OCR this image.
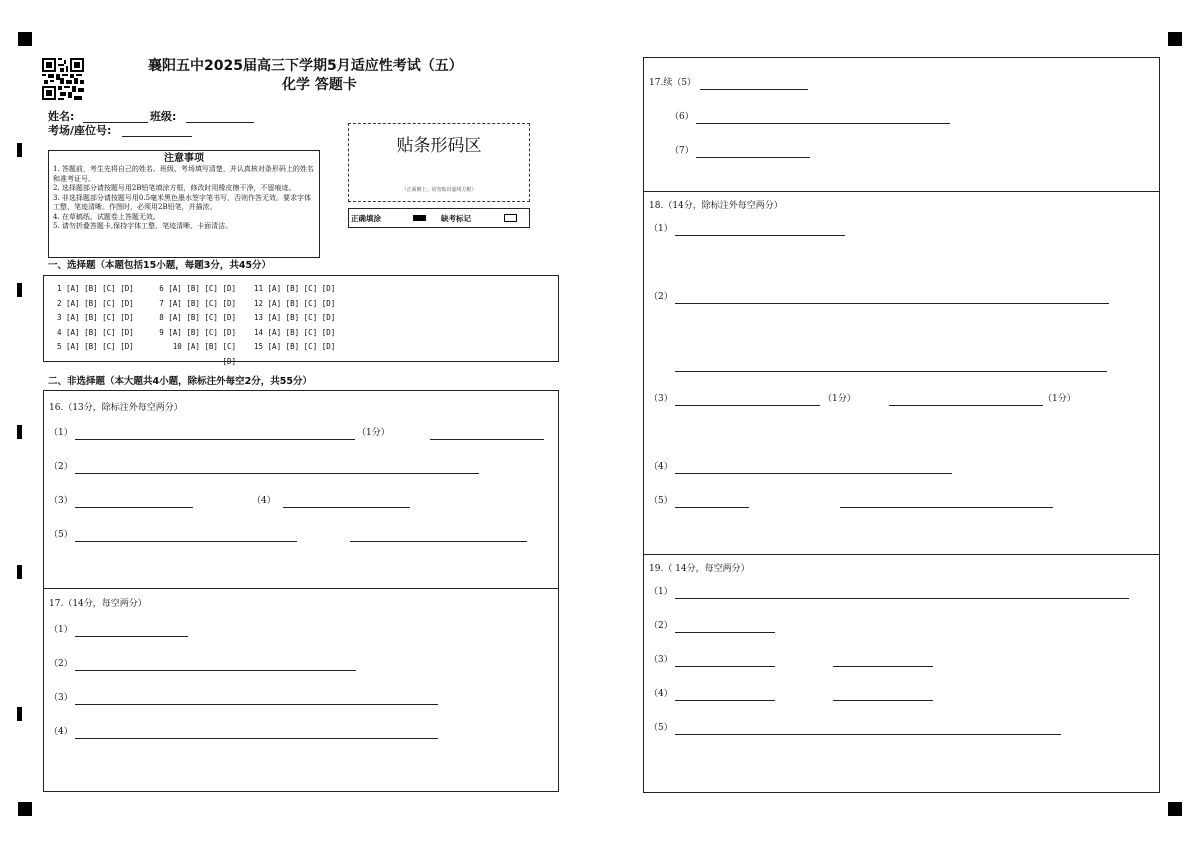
襄阳五中2025届高三下学期5月适应性考试（五）
化学 答题卡
姓名:	班级:
考场/座位号:
贴条形码区
（正面朝上，切勿贴出虚线方框）
正确填涂	缺考标记
注意事项
1. 答题前，考生先将自己的姓名、班级、考场填写清楚，并认真核对条形码上的姓名和准考证号。
2. 选择题部分请按题号用2B铅笔填涂方框，修改时用橡皮擦干净，不留痕迹。
3. 非选择题部分请按题号用0.5毫米黑色墨水签字笔书写，否则作答无效。要求字体工整、笔迹清晰。作图时，必须用2B铅笔，并描浓。
4. 在草稿纸、试题卷上答题无效。
5. 请勿折叠答题卡,保持字体工整、笔迹清晰、卡面清洁。
一、选择题（本题包括15小题，每题3分，共45分）
1 [A] [B] [C] [D]
2 [A] [B] [C] [D]
3 [A] [B] [C] [D]
4 [A] [B] [C] [D]
5 [A] [B] [C] [D]
6 [A] [B] [C] [D]
7 [A] [B] [C] [D]
8 [A] [B] [C] [D]
9 [A] [B] [C] [D]
10 [A] [B] [C] [D]
11 [A] [B] [C] [D]
12 [A] [B] [C] [D]
13 [A] [B] [C] [D]
14 [A] [B] [C] [D]
15 [A] [B] [C] [D]
二、非选择题（本大题共4小题，除标注外每空2分，共55分）
16.（13分，除标注外每空两分）
（1）	（1分）
（2）
（3）	（4）
（5）
17.（14分，每空两分）
（1）
（2）
（3）
（4）
17.续（5）
（6）
（7）
18.（14分，除标注外每空两分）
（1）
（2）
（3）	（1分）	（1分）
（4）
（5）
19.（ 14分，每空两分）
（1）
（2）
（3）
（4）
（5）
